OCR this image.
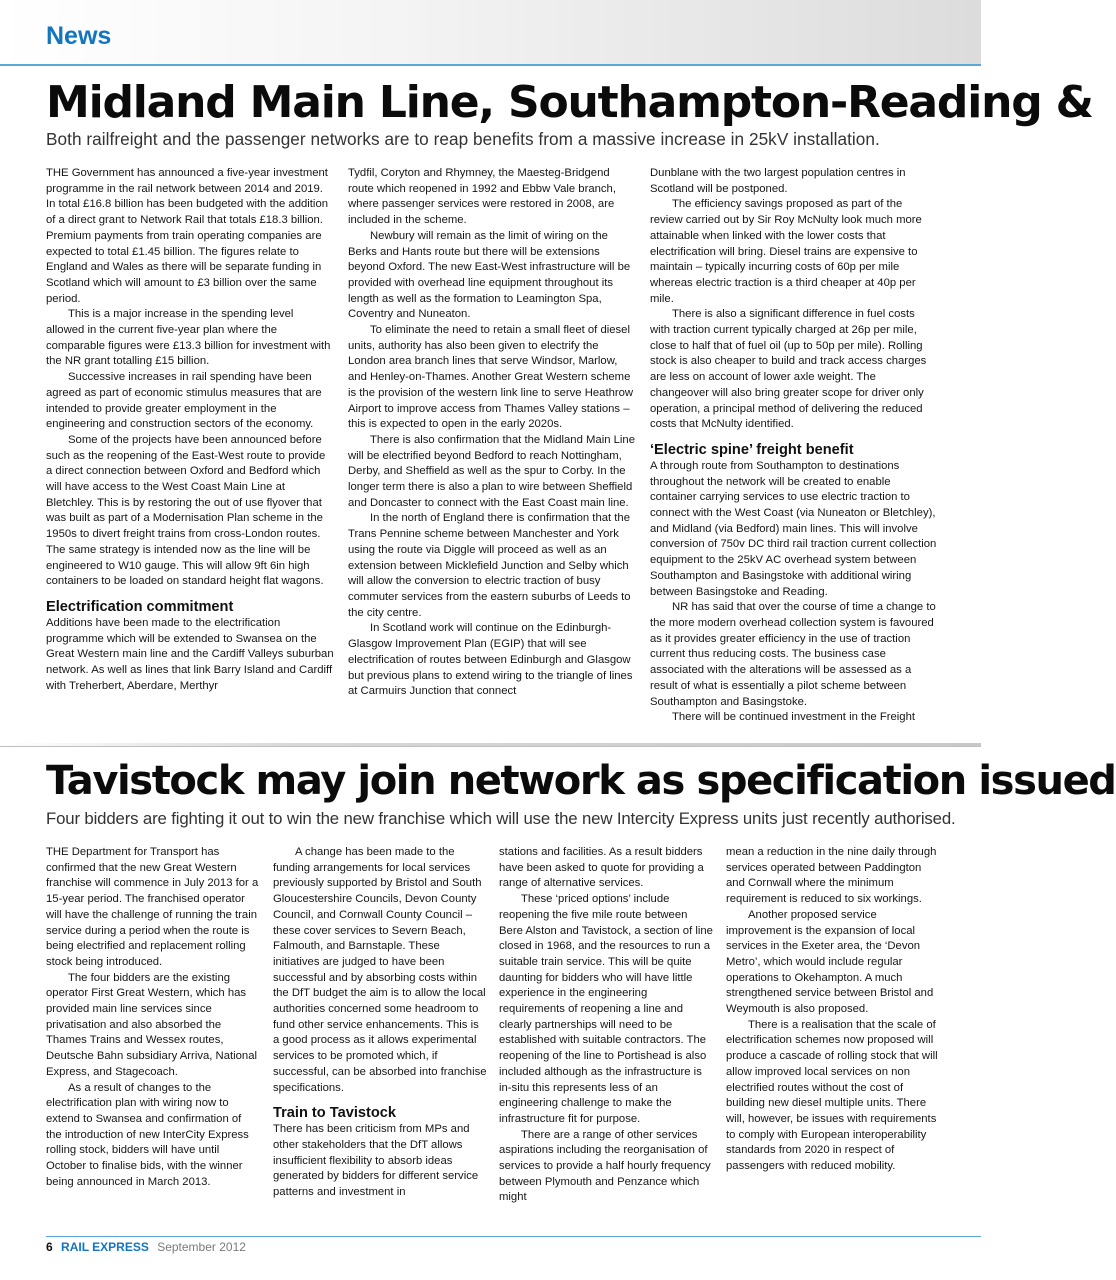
News
Midland Main Line, Southampton-Reading &
Both railfreight and the passenger networks are to reap benefits from a massive increase in 25kV installation.

THE Government has announced a five-year investment programme in the rail network between 2014 and 2019. In total £16.8 billion has been budgeted with the addition of a direct grant to Network Rail that totals £18.3 billion. Premium payments from train operating companies are expected to total £1.45 billion. The figures relate to England and Wales as there will be separate funding in Scotland which will amount to £3 billion over the same period.

This is a major increase in the spending level allowed in the current five-year plan where the comparable figures were £13.3 billion for investment with the NR grant totalling £15 billion.

Successive increases in rail spending have been agreed as part of economic stimulus measures that are intended to provide greater employment in the engineering and construction sectors of the economy.

Some of the projects have been announced before such as the reopening of the East-West route to provide a direct connection between Oxford and Bedford which will have access to the West Coast Main Line at Bletchley. This is by restoring the out of use flyover that was built as part of a Modernisation Plan scheme in the 1950s to divert freight trains from cross-London routes. The same strategy is intended now as the line will be engineered to W10 gauge. This will allow 9ft 6in high containers to be loaded on standard height flat wagons.

Electrification commitment

Additions have been made to the electrification programme which will be extended to Swansea on the Great Western main line and the Cardiff Valleys suburban network. As well as lines that link Barry Island and Cardiff with Treherbert, Aberdare, Merthyr

Tydfil, Coryton and Rhymney, the Maesteg-Bridgend route which reopened in 1992 and Ebbw Vale branch, where passenger services were restored in 2008, are included in the scheme.

Newbury will remain as the limit of wiring on the Berks and Hants route but there will be extensions beyond Oxford. The new East-West infrastructure will be provided with overhead line equipment throughout its length as well as the formation to Leamington Spa, Coventry and Nuneaton.

To eliminate the need to retain a small fleet of diesel units, authority has also been given to electrify the London area branch lines that serve Windsor, Marlow, and Henley-on-Thames. Another Great Western scheme is the provision of the western link line to serve Heathrow Airport to improve access from Thames Valley stations – this is expected to open in the early 2020s.

There is also confirmation that the Midland Main Line will be electrified beyond Bedford to reach Nottingham, Derby, and Sheffield as well as the spur to Corby. In the longer term there is also a plan to wire between Sheffield and Doncaster to connect with the East Coast main line.

In the north of England there is confirmation that the Trans Pennine scheme between Manchester and York using the route via Diggle will proceed as well as an extension between Micklefield Junction and Selby which will allow the conversion to electric traction of busy commuter services from the eastern suburbs of Leeds to the city centre.

In Scotland work will continue on the Edinburgh-Glasgow Improvement Plan (EGIP) that will see electrification of routes between Edinburgh and Glasgow but previous plans to extend wiring to the triangle of lines at Carmuirs Junction that connect

Dunblane with the two largest population centres in Scotland will be postponed.

The efficiency savings proposed as part of the review carried out by Sir Roy McNulty look much more attainable when linked with the lower costs that electrification will bring. Diesel trains are expensive to maintain – typically incurring costs of 60p per mile whereas electric traction is a third cheaper at 40p per mile.

There is also a significant difference in fuel costs with traction current typically charged at 26p per mile, close to half that of fuel oil (up to 50p per mile). Rolling stock is also cheaper to build and track access charges are less on account of lower axle weight. The changeover will also bring greater scope for driver only operation, a principal method of delivering the reduced costs that McNulty identified.

‘Electric spine’ freight benefit

A through route from Southampton to destinations throughout the network will be created to enable container carrying services to use electric traction to connect with the West Coast (via Nuneaton or Bletchley), and Midland (via Bedford) main lines. This will involve conversion of 750v DC third rail traction current collection equipment to the 25kV AC overhead system between Southampton and Basingstoke with additional wiring between Basingstoke and Reading.

NR has said that over the course of time a change to the more modern overhead collection system is favoured as it provides greater efficiency in the use of traction current thus reducing costs. The business case associated with the alterations will be assessed as a result of what is essentially a pilot scheme between Southampton and Basingstoke.

There will be continued investment in the Freight

Tavistock may join network as specification issued
Four bidders are fighting it out to win the new franchise which will use the new Intercity Express units just recently authorised.

THE Department for Transport has confirmed that the new Great Western franchise will commence in July 2013 for a 15-year period. The franchised operator will have the challenge of running the train service during a period when the route is being electrified and replacement rolling stock being introduced.

The four bidders are the existing operator First Great Western, which has provided main line services since privatisation and also absorbed the Thames Trains and Wessex routes, Deutsche Bahn subsidiary Arriva, National Express, and Stagecoach.

As a result of changes to the electrification plan with wiring now to extend to Swansea and confirmation of the introduction of new InterCity Express rolling stock, bidders will have until October to finalise bids, with the winner being announced in March 2013.

A change has been made to the funding arrangements for local services previously supported by Bristol and South Gloucestershire Councils, Devon County Council, and Cornwall County Council – these cover services to Severn Beach, Falmouth, and Barnstaple. These initiatives are judged to have been successful and by absorbing costs within the DfT budget the aim is to allow the local authorities concerned some headroom to fund other service enhancements. This is a good process as it allows experimental services to be promoted which, if successful, can be absorbed into franchise specifications.

Train to Tavistock

There has been criticism from MPs and other stakeholders that the DfT allows insufficient flexibility to absorb ideas generated by bidders for different service patterns and investment in

stations and facilities. As a result bidders have been asked to quote for providing a range of alternative services.

These ‘priced options’ include reopening the five mile route between Bere Alston and Tavistock, a section of line closed in 1968, and the resources to run a suitable train service. This will be quite daunting for bidders who will have little experience in the engineering requirements of reopening a line and clearly partnerships will need to be established with suitable contractors. The reopening of the line to Portishead is also included although as the infrastructure is in-situ this represents less of an engineering challenge to make the infrastructure fit for purpose.

There are a range of other services aspirations including the reorganisation of services to provide a half hourly frequency between Plymouth and Penzance which might

mean a reduction in the nine daily through services operated between Paddington and Cornwall where the minimum requirement is reduced to six workings.

Another proposed service improvement is the expansion of local services in the Exeter area, the ‘Devon Metro’, which would include regular operations to Okehampton. A much strengthened service between Bristol and Weymouth is also proposed.

There is a realisation that the scale of electrification schemes now proposed will produce a cascade of rolling stock that will allow improved local services on non electrified routes without the cost of building new diesel multiple units. There will, however, be issues with requirements to comply with European interoperability standards from 2020 in respect of passengers with reduced mobility.

6 RAIL EXPRESS September 2012
